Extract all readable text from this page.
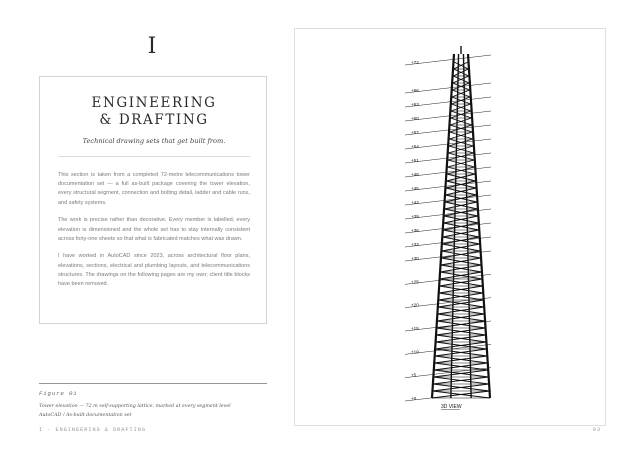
I
ENGINEERING
& DRAFTING
Technical drawing sets that get built from.

This section is taken from a completed 72-metre telecommunications tower documentation set — a full as-built package covering the tower elevation, every structural segment, connection and bolting detail, ladder and cable runs, and safety systems.

The work is precise rather than decorative. Every member is labelled, every elevation is dimensioned and the whole set has to stay internally consistent across forty-one sheets so that what is fabricated matches what was drawn.

I have worked in AutoCAD since 2023, across architectural floor plans, elevations, sections, electrical and plumbing layouts, and telecommunications structures. The drawings on the following pages are my own; client title blocks have been removed.

Figure 01
Tower elevation — 72 m self-supporting lattice, marked at every segment level
AutoCAD / As-built documentation set
I · ENGINEERING & DRAFTING	03
+72
+66
+63
+60
+57
+54
+51
+48
+45
+42
+39
+36
+33
+30
+25
+20
+15
+10
+5
+0
3D VIEW
